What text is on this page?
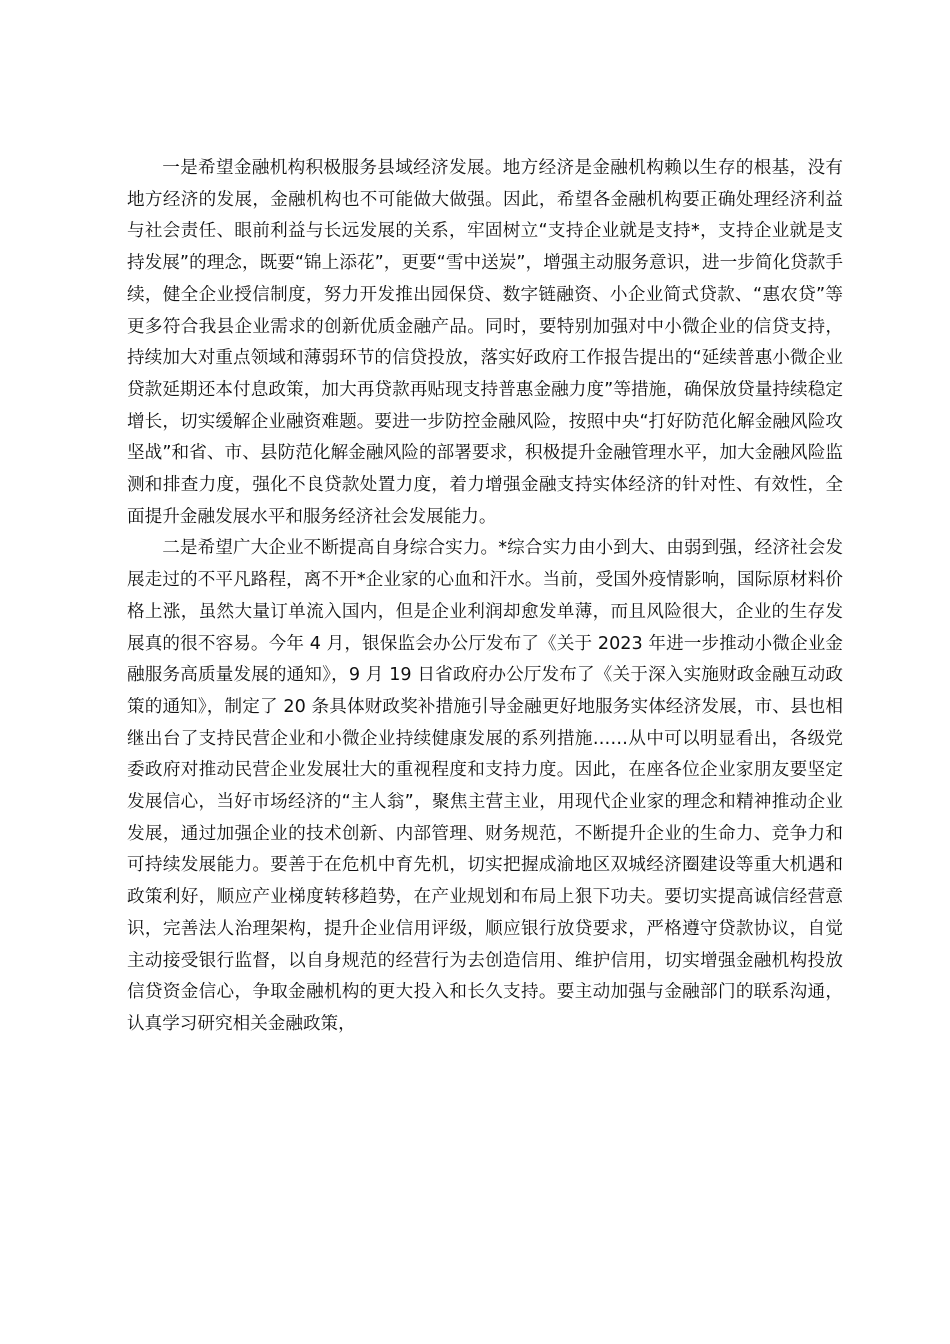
一是希望金融机构积极服务县域经济发展。地方经济是金融机构赖以生存的根基，没有地方经济的发展，金融机构也不可能做大做强。因此，希望各金融机构要正确处理经济利益与社会责任、眼前利益与长远发展的关系，牢固树立“支持企业就是支持*，支持企业就是支持发展”的理念，既要“锦上添花”，更要“雪中送炭”，增强主动服务意识，进一步简化贷款手续，健全企业授信制度，努力开发推出园保贷、数字链融资、小企业简式贷款、“惠农贷”等更多符合我县企业需求的创新优质金融产品。同时，要特别加强对中小微企业的信贷支持，持续加大对重点领域和薄弱环节的信贷投放，落实好政府工作报告提出的“延续普惠小微企业贷款延期还本付息政策，加大再贷款再贴现支持普惠金融力度”等措施，确保放贷量持续稳定增长，切实缓解企业融资难题。要进一步防控金融风险，按照中央“打好防范化解金融风险攻坚战”和省、市、县防范化解金融风险的部署要求，积极提升金融管理水平，加大金融风险监测和排查力度，强化不良贷款处置力度，着力增强金融支持实体经济的针对性、有效性，全面提升金融发展水平和服务经济社会发展能力。

二是希望广大企业不断提高自身综合实力。*综合实力由小到大、由弱到强，经济社会发展走过的不平凡路程，离不开*企业家的心血和汗水。当前，受国外疫情影响，国际原材料价格上涨，虽然大量订单流入国内，但是企业利润却愈发单薄，而且风险很大，企业的生存发展真的很不容易。今年 4 月，银保监会办公厅发布了《关于 2023 年进一步推动小微企业金融服务高质量发展的通知》，9 月 19 日省政府办公厅发布了《关于深入实施财政金融互动政策的通知》，制定了 20 条具体财政奖补措施引导金融更好地服务实体经济发展，市、县也相继出台了支持民营企业和小微企业持续健康发展的系列措施……从中可以明显看出，各级党委政府对推动民营企业发展壮大的重视程度和支持力度。因此，在座各位企业家朋友要坚定发展信心，当好市场经济的“主人翁”，聚焦主营主业，用现代企业家的理念和精神推动企业发展，通过加强企业的技术创新、内部管理、财务规范，不断提升企业的生命力、竞争力和可持续发展能力。要善于在危机中育先机，切实把握成渝地区双城经济圈建设等重大机遇和政策利好，顺应产业梯度转移趋势，在产业规划和布局上狠下功夫。要切实提高诚信经营意识，完善法人治理架构，提升企业信用评级，顺应银行放贷要求，严格遵守贷款协议，自觉主动接受银行监督，以自身规范的经营行为去创造信用、维护信用，切实增强金融机构投放信贷资金信心，争取金融机构的更大投入和长久支持。要主动加强与金融部门的联系沟通，认真学习研究相关金融政策，
